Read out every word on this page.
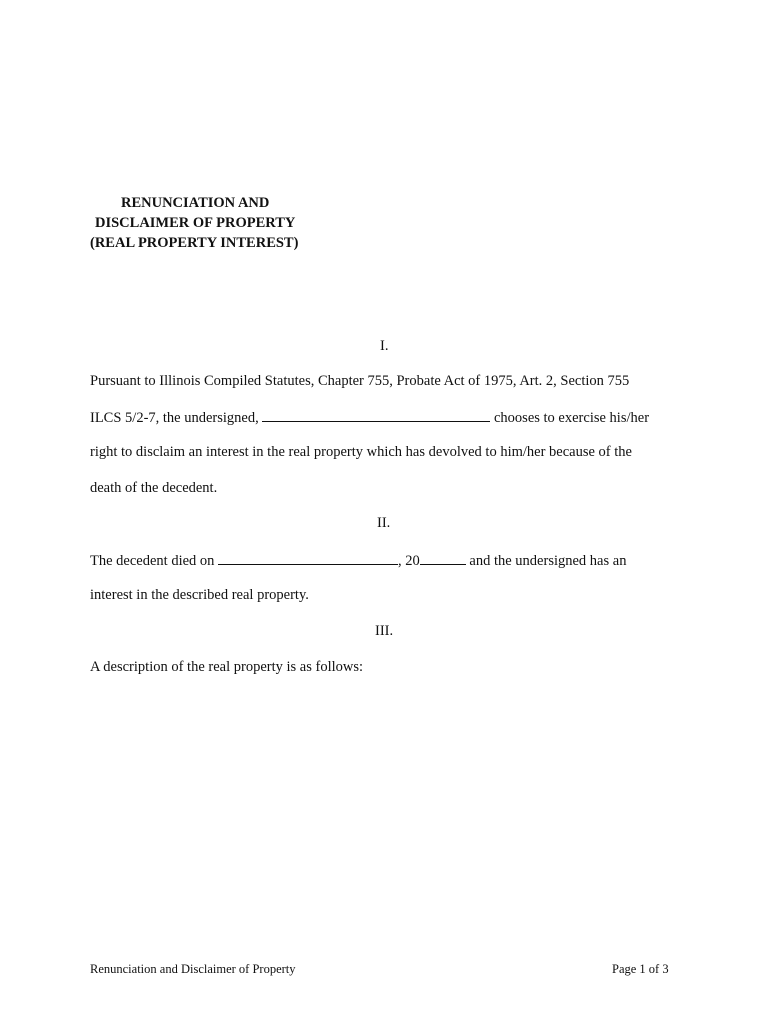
RENUNCIATION AND
DISCLAIMER OF PROPERTY
(REAL PROPERTY INTEREST)
I.
Pursuant to Illinois Compiled Statutes, Chapter 755, Probate Act of 1975, Art. 2, Section 755
ILCS 5/2-7, the undersigned,	chooses to exercise his/her
right to disclaim an interest in the real property which has devolved to him/her because of the
death of the decedent.
II.
The decedent died on	, 20	and the undersigned has an
interest in the described real property.
III.
A description of the real property is as follows:
Renunciation and Disclaimer of Property	Page 1 of 3
